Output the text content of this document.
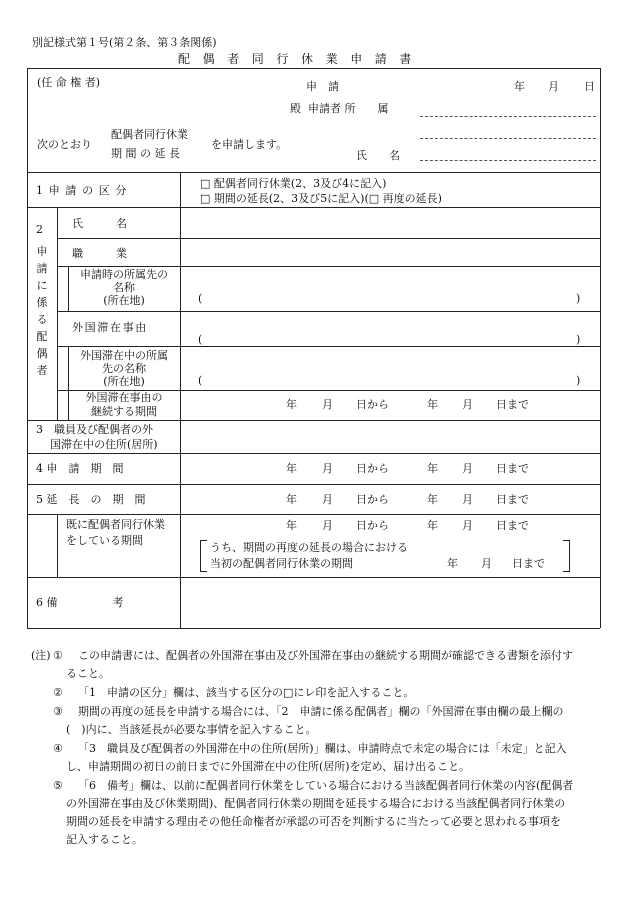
別記様式第１号(第２条、第３条関係)
配偶者同行休業申請書
(任 命 権 者)	申　請	年 月 日
殿 申請者 所　　属
次のとおり
配偶者同行休業
期 間 の 延 長
を申請します。
氏　　名
1 申 請 の 区 分
□ 配偶者同行休業(2、3及び4に記入)
□ 期間の延長(2、3及び5に記入)(□ 再度の延長)
2
申
請
に
係
る
配
偶
者
氏　　　名
職　　　業
申請時の所属先の
名称
(所在地)	(	)
外国滞在事由
(	)
外国滞在中の所属
先の名称
(所在地)	(	)
外国滞在事由の
継続する期間
年 月 日から	年 月 日まで
3　職員及び配偶者の外
国滞在中の住所(居所)
4 申　請　期　間	年 月 日から	年 月 日まで
5 延　長　の　期　間	年 月 日から	年 月 日まで
既に配偶者同行休業
をしている期間
年 月 日から	年 月 日まで
うち、期間の再度の延長の場合における
当初の配偶者同行休業の期間	年 月 日まで
6 備　　　　　考
(注) ① この申請書には、配偶者の外国滞在事由及び外国滞在事由の継続する期間が確認できる書類を添付す
ること。
② 「1　申請の区分」欄は、該当する区分の□にレ印を記入すること。
③ 期間の再度の延長を申請する場合には、「2　申請に係る配偶者」欄の「外国滞在事由欄の最上欄の
(　)内に、当該延長が必要な事情を記入すること。
④ 「3　職員及び配偶者の外国滞在中の住所(居所)」欄は、申請時点で未定の場合には「未定」と記入
し、申請期間の初日の前日までに外国滞在中の住所(居所)を定め、届け出ること。
⑤ 「6　備考」欄は、以前に配偶者同行休業をしている場合における当該配偶者同行休業の内容(配偶者
の外国滞在事由及び休業期間)、配偶者同行休業の期間を延長する場合における当該配偶者同行休業の
期間の延長を申請する理由その他任命権者が承認の可否を判断するに当たって必要と思われる事項を
記入すること。
